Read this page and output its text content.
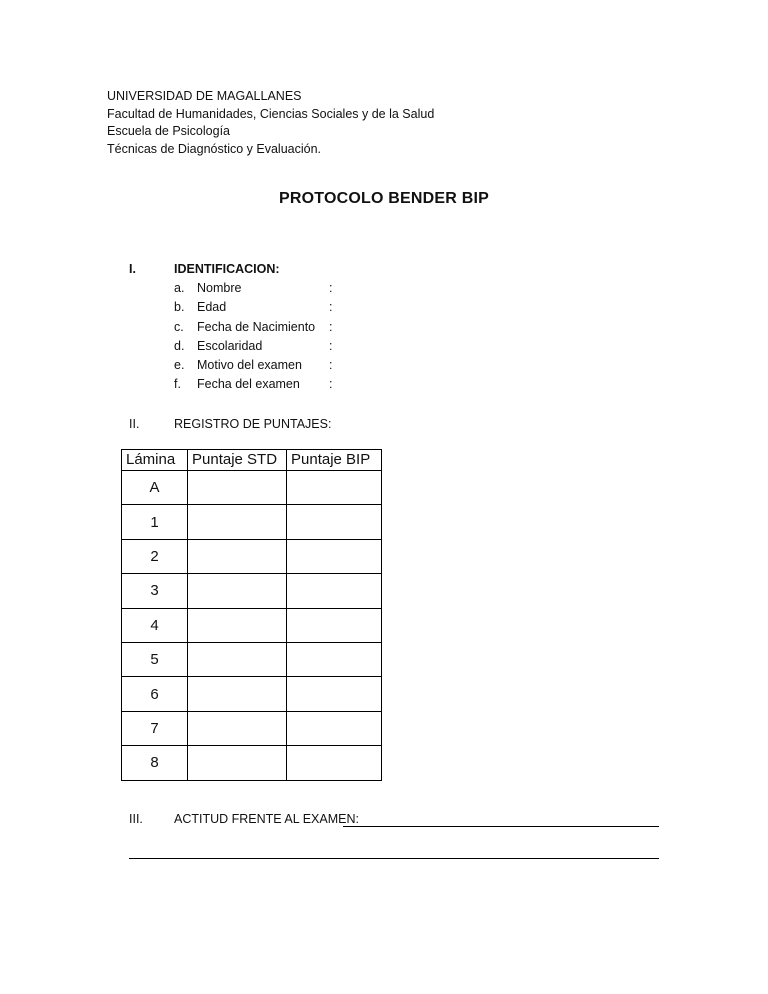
UNIVERSIDAD DE MAGALLANES
Facultad de Humanidades, Ciencias Sociales y de la Salud
Escuela de Psicología
Técnicas de Diagnóstico y Evaluación.
PROTOCOLO BENDER BIP
I.	IDENTIFICACION:
a. Nombre	:
b. Edad	:
c. Fecha de Nacimiento :
d. Escolaridad	:
e. Motivo del examen :
f. Fecha del examen :
II.	REGISTRO DE PUNTAJES:
Lámina	Puntaje STD	Puntaje BIP
A		
1		
2		
3		
4		
5		
6		
7		
8		
III. ACTITUD FRENTE AL EXAMEN:
